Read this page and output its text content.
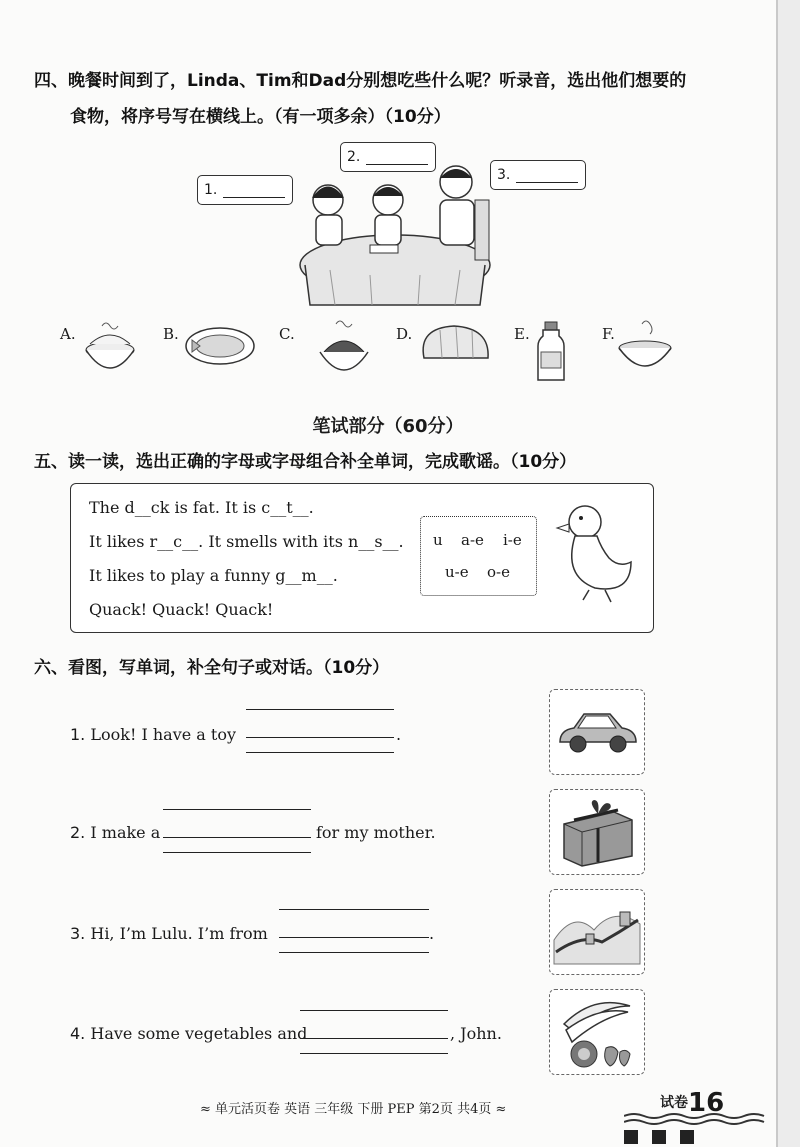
四、晚餐时间到了，Linda、Tim和Dad分别想吃些什么呢？听录音，选出他们想要的
食物，将序号写在横线上。（有一项多余）（10分）
1.
2.
3.
A.	B.	C.	D.	E.	F.
笔试部分（60分）
五、读一读，选出正确的字母或字母组合补全单词，完成歌谣。（10分）
The d__ck is fat. It is c__t__.
It likes r__c__. It smells with its n__s__.
It likes to play a funny g__m__.
Quack! Quack! Quack!
u a-e i-e
u-e o-e
六、看图，写单词，补全句子或对话。（10分）
1. Look! I have a toy	.
2. I make a	for my mother.
3. Hi, I’m Lulu. I’m from	.
4. Have some vegetables and	, John.
≈ 单元活页卷 英语 三年级 下册 PEP 第2页 共4页 ≈	试卷16
